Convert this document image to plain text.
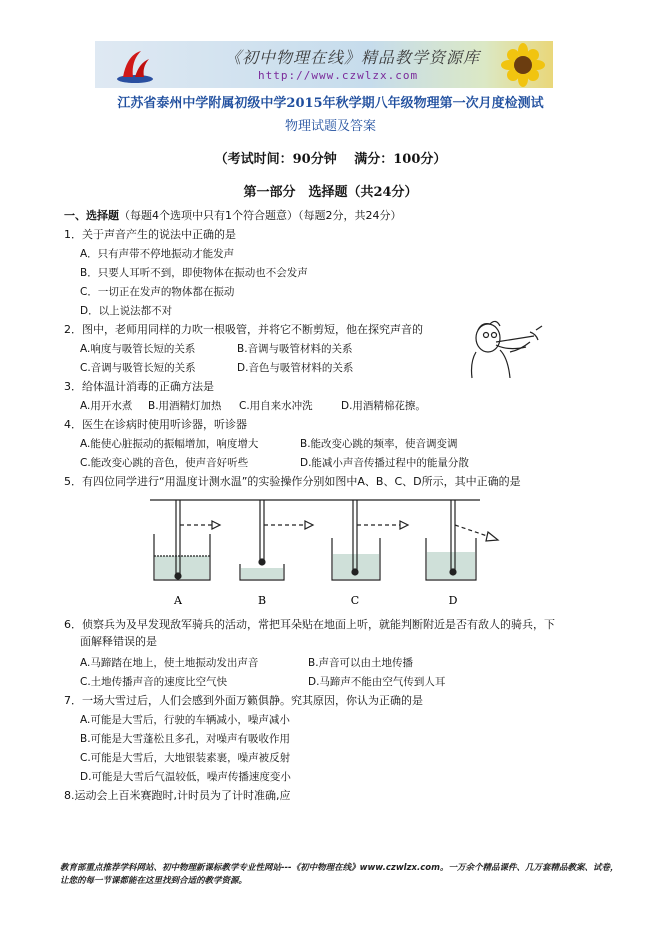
《初中物理在线》精品教学资源库
http://www.czwlzx.com
江苏省泰州中学附属初级中学2015年秋学期八年级物理第一次月度检测试
物理试题及答案
（考试时间：90分钟　 满分：100分）
第一部分　选择题（共24分）
一、选择题（每题4个选项中只有1个符合题意）（每题2分，共24分）
1．关于声音产生的说法中正确的是
A．只有声带不停地振动才能发声
B．只要人耳听不到，即使物体在振动也不会发声
C．一切正在发声的物体都在振动
D．以上说法都不对
2．图中，老师用同样的力吹一根吸管，并将它不断剪短，他在探究声音的
A.响度与吸管长短的关系	B.音调与吸管材料的关系
C.音调与吸管长短的关系	D.音色与吸管材料的关系
3．给体温计消毒的正确方法是
A.用开水煮 B.用酒精灯加热 C.用自来水冲洗	D.用酒精棉花擦。
4．医生在诊病时使用听诊器，听诊器
A.能使心脏振动的振幅增加，响度增大	B.能改变心跳的频率，使音调变调
C.能改变心跳的音色，使声音好听些	D.能减小声音传播过程中的能量分散
5．有四位同学进行“用温度计测水温”的实验操作分别如图中A、B、C、D所示，其中正确的是
A	B	C	D
6．侦察兵为及早发现敌军骑兵的活动，常把耳朵贴在地面上听，就能判断附近是否有敌人的骑兵，下
面解释错误的是
A.马蹄踏在地上，使土地振动发出声音	B.声音可以由土地传播
C.土地传播声音的速度比空气快	D.马蹄声不能由空气传到人耳
7．一场大雪过后，人们会感到外面万籁俱静。究其原因，你认为正确的是
A.可能是大雪后，行驶的车辆减小，噪声减小
B.可能是大雪蓬松且多孔，对噪声有吸收作用
C.可能是大雪后，大地银装素裹，噪声被反射
D.可能是大雪后气温较低，噪声传播速度变小
8.运动会上百米赛跑时,计时员为了计时准确,应
教育部重点推荐学科网站、初中物理新课标教学专业性网站---《初中物理在线》www.czwlzx.com。一万余个精品课件、几万套精品教案、试卷，让您的每一节课都能在这里找到合适的教学资源。
